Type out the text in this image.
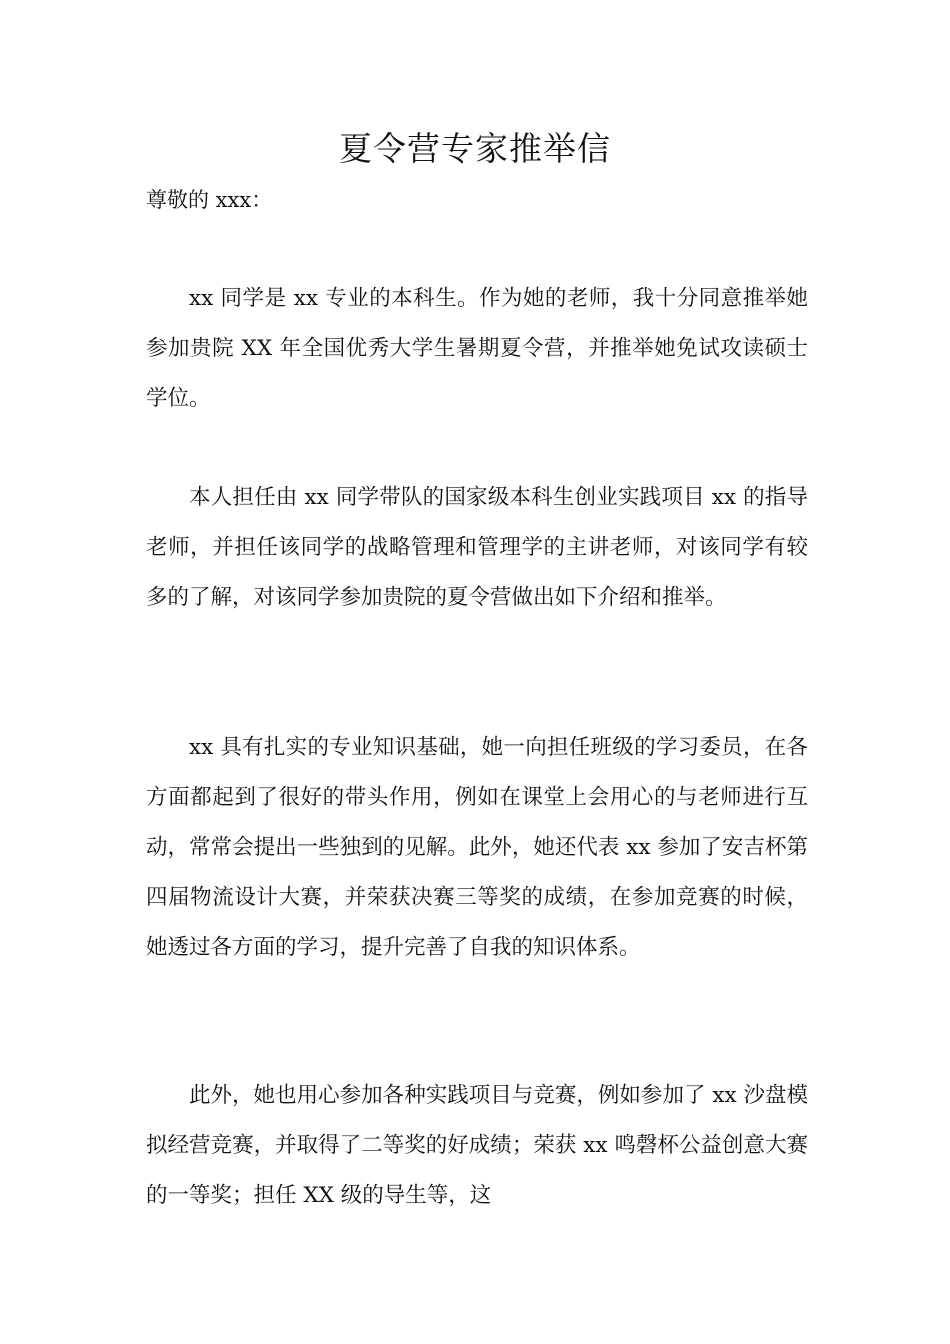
夏令营专家推举信
尊敬的 xxx：

xx 同学是 xx 专业的本科生。作为她的老师，我十分同意推举她参加贵院 XX 年全国优秀大学生暑期夏令营，并推举她免试攻读硕士学位。

本人担任由 xx 同学带队的国家级本科生创业实践项目 xx 的指导老师，并担任该同学的战略管理和管理学的主讲老师，对该同学有较多的了解，对该同学参加贵院的夏令营做出如下介绍和推举。

xx 具有扎实的专业知识基础，她一向担任班级的学习委员，在各方面都起到了很好的带头作用，例如在课堂上会用心的与老师进行互动，常常会提出一些独到的见解。此外，她还代表 xx 参加了安吉杯第四届物流设计大赛，并荣获决赛三等奖的成绩，在参加竞赛的时候，她透过各方面的学习，提升完善了自我的知识体系。

此外，她也用心参加各种实践项目与竞赛，例如参加了 xx 沙盘模拟经营竞赛，并取得了二等奖的好成绩；荣获 xx 鸣磬杯公益创意大赛的一等奖；担任 XX 级的导生等，这
